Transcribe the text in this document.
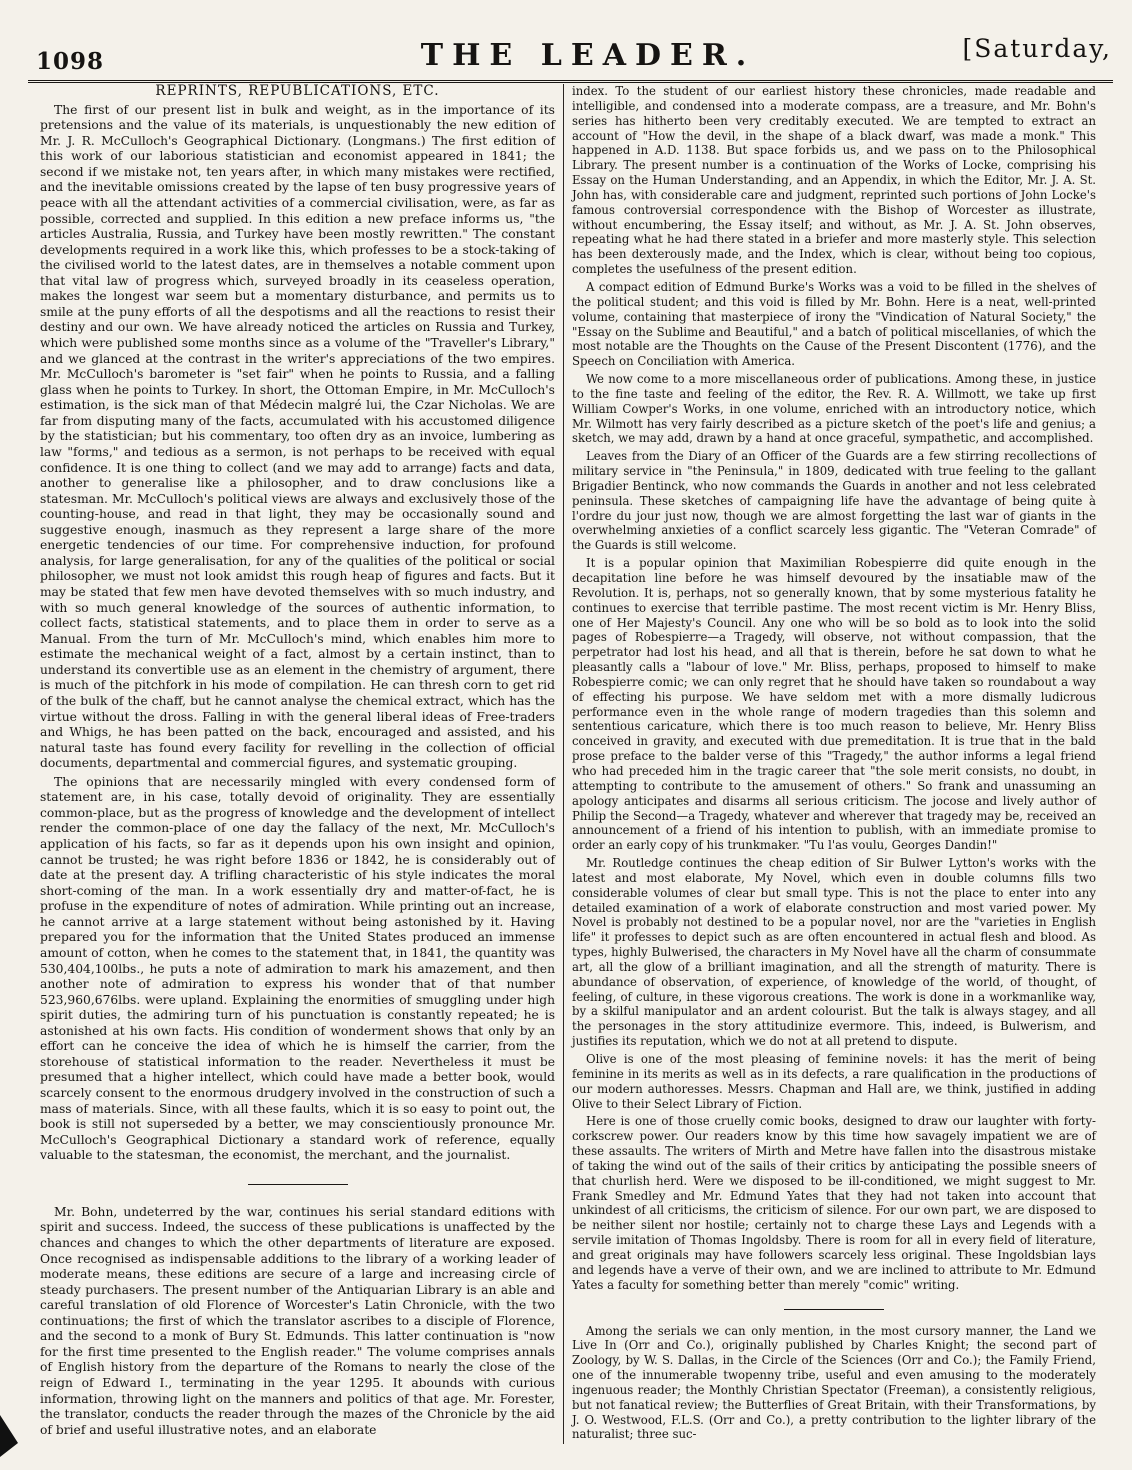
1098	THE LEADER.	[Saturday,
REPRINTS, REPUBLICATIONS, ETC.

The first of our present list in bulk and weight, as in the importance of its pretensions and the value of its materials, is unquestionably the new edition of Mr. J. R. McCulloch's Geographical Dictionary. (Longmans.) The first edition of this work of our laborious statistician and economist appeared in 1841; the second if we mistake not, ten years after, in which many mistakes were rectified, and the inevitable omissions created by the lapse of ten busy progressive years of peace with all the attendant activities of a commercial civilisation, were, as far as possible, corrected and supplied. In this edition a new preface informs us, "the articles Australia, Russia, and Turkey have been mostly rewritten." The constant developments required in a work like this, which professes to be a stock-taking of the civilised world to the latest dates, are in themselves a notable comment upon that vital law of progress which, surveyed broadly in its ceaseless operation, makes the longest war seem but a momentary disturbance, and permits us to smile at the puny efforts of all the despotisms and all the reactions to resist their destiny and our own. We have already noticed the articles on Russia and Turkey, which were published some months since as a volume of the "Traveller's Library," and we glanced at the contrast in the writer's appreciations of the two empires. Mr. McCulloch's barometer is "set fair" when he points to Russia, and a falling glass when he points to Turkey. In short, the Ottoman Empire, in Mr. McCulloch's estimation, is the sick man of that Médecin malgré lui, the Czar Nicholas. We are far from disputing many of the facts, accumulated with his accustomed diligence by the statistician; but his commentary, too often dry as an invoice, lumbering as law "forms," and tedious as a sermon, is not perhaps to be received with equal confidence. It is one thing to collect (and we may add to arrange) facts and data, another to generalise like a philosopher, and to draw conclusions like a statesman. Mr. McCulloch's political views are always and exclusively those of the counting-house, and read in that light, they may be occasionally sound and suggestive enough, inasmuch as they represent a large share of the more energetic tendencies of our time. For comprehensive induction, for profound analysis, for large generalisation, for any of the qualities of the political or social philosopher, we must not look amidst this rough heap of figures and facts. But it may be stated that few men have devoted themselves with so much industry, and with so much general knowledge of the sources of authentic information, to collect facts, statistical statements, and to place them in order to serve as a Manual. From the turn of Mr. McCulloch's mind, which enables him more to estimate the mechanical weight of a fact, almost by a certain instinct, than to understand its convertible use as an element in the chemistry of argument, there is much of the pitchfork in his mode of compilation. He can thresh corn to get rid of the bulk of the chaff, but he cannot analyse the chemical extract, which has the virtue without the dross. Falling in with the general liberal ideas of Free-traders and Whigs, he has been patted on the back, encouraged and assisted, and his natural taste has found every facility for revelling in the collection of official documents, departmental and commercial figures, and systematic grouping.

The opinions that are necessarily mingled with every condensed form of statement are, in his case, totally devoid of originality. They are essentially common-place, but as the progress of knowledge and the development of intellect render the common-place of one day the fallacy of the next, Mr. McCulloch's application of his facts, so far as it depends upon his own insight and opinion, cannot be trusted; he was right before 1836 or 1842, he is considerably out of date at the present day. A trifling characteristic of his style indicates the moral short-coming of the man. In a work essentially dry and matter-of-fact, he is profuse in the expenditure of notes of admiration. While printing out an increase, he cannot arrive at a large statement without being astonished by it. Having prepared you for the information that the United States produced an immense amount of cotton, when he comes to the statement that, in 1841, the quantity was 530,404,100lbs., he puts a note of admiration to mark his amazement, and then another note of admiration to express his wonder that of that number 523,960,676lbs. were upland. Explaining the enormities of smuggling under high spirit duties, the admiring turn of his punctuation is constantly repeated; he is astonished at his own facts. His condition of wonderment shows that only by an effort can he conceive the idea of which he is himself the carrier, from the storehouse of statistical information to the reader. Nevertheless it must be presumed that a higher intellect, which could have made a better book, would scarcely consent to the enormous drudgery involved in the construction of such a mass of materials. Since, with all these faults, which it is so easy to point out, the book is still not superseded by a better, we may conscientiously pronounce Mr. McCulloch's Geographical Dictionary a standard work of reference, equally valuable to the statesman, the economist, the merchant, and the journalist.

Mr. Bohn, undeterred by the war, continues his serial standard editions with spirit and success. Indeed, the success of these publications is unaffected by the chances and changes to which the other departments of literature are exposed. Once recognised as indispensable additions to the library of a working leader of moderate means, these editions are secure of a large and increasing circle of steady purchasers. The present number of the Antiquarian Library is an able and careful translation of old Florence of Worcester's Latin Chronicle, with the two continuations; the first of which the translator ascribes to a disciple of Florence, and the second to a monk of Bury St. Edmunds. This latter continuation is "now for the first time presented to the English reader." The volume comprises annals of English history from the departure of the Romans to nearly the close of the reign of Edward I., terminating in the year 1295. It abounds with curious information, throwing light on the manners and politics of that age. Mr. Forester, the translator, conducts the reader through the mazes of the Chronicle by the aid of brief and useful illustrative notes, and an elaborate

index. To the student of our earliest history these chronicles, made readable and intelligible, and condensed into a moderate compass, are a treasure, and Mr. Bohn's series has hitherto been very creditably executed. We are tempted to extract an account of "How the devil, in the shape of a black dwarf, was made a monk." This happened in A.D. 1138. But space forbids us, and we pass on to the Philosophical Library. The present number is a continuation of the Works of Locke, comprising his Essay on the Human Understanding, and an Appendix, in which the Editor, Mr. J. A. St. John has, with considerable care and judgment, reprinted such portions of John Locke's famous controversial correspondence with the Bishop of Worcester as illustrate, without encumbering, the Essay itself; and without, as Mr. J. A. St. John observes, repeating what he had there stated in a briefer and more masterly style. This selection has been dexterously made, and the Index, which is clear, without being too copious, completes the usefulness of the present edition.

A compact edition of Edmund Burke's Works was a void to be filled in the shelves of the political student; and this void is filled by Mr. Bohn. Here is a neat, well-printed volume, containing that masterpiece of irony the "Vindication of Natural Society," the "Essay on the Sublime and Beautiful," and a batch of political miscellanies, of which the most notable are the Thoughts on the Cause of the Present Discontent (1776), and the Speech on Conciliation with America.

We now come to a more miscellaneous order of publications. Among these, in justice to the fine taste and feeling of the editor, the Rev. R. A. Willmott, we take up first William Cowper's Works, in one volume, enriched with an introductory notice, which Mr. Wilmott has very fairly described as a picture sketch of the poet's life and genius; a sketch, we may add, drawn by a hand at once graceful, sympathetic, and accomplished.

Leaves from the Diary of an Officer of the Guards are a few stirring recollections of military service in "the Peninsula," in 1809, dedicated with true feeling to the gallant Brigadier Bentinck, who now commands the Guards in another and not less celebrated peninsula. These sketches of campaigning life have the advantage of being quite à l'ordre du jour just now, though we are almost forgetting the last war of giants in the overwhelming anxieties of a conflict scarcely less gigantic. The "Veteran Comrade" of the Guards is still welcome.

It is a popular opinion that Maximilian Robespierre did quite enough in the decapitation line before he was himself devoured by the insatiable maw of the Revolution. It is, perhaps, not so generally known, that by some mysterious fatality he continues to exercise that terrible pastime. The most recent victim is Mr. Henry Bliss, one of Her Majesty's Council. Any one who will be so bold as to look into the solid pages of Robespierre—a Tragedy, will observe, not without compassion, that the perpetrator had lost his head, and all that is therein, before he sat down to what he pleasantly calls a "labour of love." Mr. Bliss, perhaps, proposed to himself to make Robespierre comic; we can only regret that he should have taken so roundabout a way of effecting his purpose. We have seldom met with a more dismally ludicrous performance even in the whole range of modern tragedies than this solemn and sententious caricature, which there is too much reason to believe, Mr. Henry Bliss conceived in gravity, and executed with due premeditation. It is true that in the bald prose preface to the balder verse of this "Tragedy," the author informs a legal friend who had preceded him in the tragic career that "the sole merit consists, no doubt, in attempting to contribute to the amusement of others." So frank and unassuming an apology anticipates and disarms all serious criticism. The jocose and lively author of Philip the Second—a Tragedy, whatever and wherever that tragedy may be, received an announcement of a friend of his intention to publish, with an immediate promise to order an early copy of his trunkmaker. "Tu l'as voulu, Georges Dandin!"

Mr. Routledge continues the cheap edition of Sir Bulwer Lytton's works with the latest and most elaborate, My Novel, which even in double columns fills two considerable volumes of clear but small type. This is not the place to enter into any detailed examination of a work of elaborate construction and most varied power. My Novel is probably not destined to be a popular novel, nor are the "varieties in English life" it professes to depict such as are often encountered in actual flesh and blood. As types, highly Bulwerised, the characters in My Novel have all the charm of consummate art, all the glow of a brilliant imagination, and all the strength of maturity. There is abundance of observation, of experience, of knowledge of the world, of thought, of feeling, of culture, in these vigorous creations. The work is done in a workmanlike way, by a skilful manipulator and an ardent colourist. But the talk is always stagey, and all the personages in the story attitudinize evermore. This, indeed, is Bulwerism, and justifies its reputation, which we do not at all pretend to dispute.

Olive is one of the most pleasing of feminine novels: it has the merit of being feminine in its merits as well as in its defects, a rare qualification in the productions of our modern authoresses. Messrs. Chapman and Hall are, we think, justified in adding Olive to their Select Library of Fiction.

Here is one of those cruelly comic books, designed to draw our laughter with forty-corkscrew power. Our readers know by this time how savagely impatient we are of these assaults. The writers of Mirth and Metre have fallen into the disastrous mistake of taking the wind out of the sails of their critics by anticipating the possible sneers of that churlish herd. Were we disposed to be ill-conditioned, we might suggest to Mr. Frank Smedley and Mr. Edmund Yates that they had not taken into account that unkindest of all criticisms, the criticism of silence. For our own part, we are disposed to be neither silent nor hostile; certainly not to charge these Lays and Legends with a servile imitation of Thomas Ingoldsby. There is room for all in every field of literature, and great originals may have followers scarcely less original. These Ingoldsbian lays and legends have a verve of their own, and we are inclined to attribute to Mr. Edmund Yates a faculty for something better than merely "comic" writing.

Among the serials we can only mention, in the most cursory manner, the Land we Live In (Orr and Co.), originally published by Charles Knight; the second part of Zoology, by W. S. Dallas, in the Circle of the Sciences (Orr and Co.); the Family Friend, one of the innumerable twopenny tribe, useful and even amusing to the moderately ingenuous reader; the Monthly Christian Spectator (Freeman), a consistently religious, but not fanatical review; the Butterflies of Great Britain, with their Transformations, by J. O. Westwood, F.L.S. (Orr and Co.), a pretty contribution to the lighter library of the naturalist; three suc-
